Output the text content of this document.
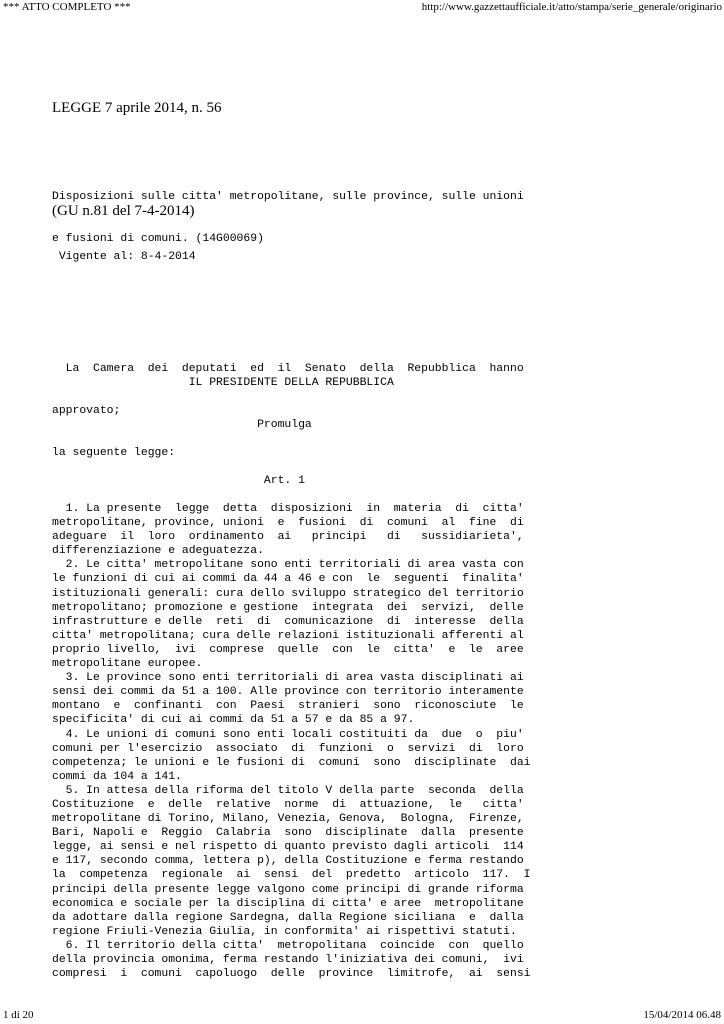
*** ATTO COMPLETO ***	http://www.gazzettaufficiale.it/atto/stampa/serie_generale/originario
LEGGE 7 aprile 2014, n. 56

Disposizioni sulle citta' metropolitane, sulle province, sulle unioni

e fusioni di comuni. (14G00069)

(GU n.81 del 7-4-2014)
Vigente al: 8-4-2014

La  Camera  dei  deputati  ed  il  Senato  della  Repubblica  hanno

approvato;

IL PRESIDENTE DELLA REPUBBLICA
Promulga
la seguente legge:
Art. 1
1. La presente  legge  detta  disposizioni  in  materia  di  citta'
metropolitane, province, unioni  e  fusioni  di  comuni  al  fine  di
adeguare  il  loro  ordinamento  ai   principi   di   sussidiarieta',
differenziazione e adeguatezza.
2. Le citta' metropolitane sono enti territoriali di area vasta con
le funzioni di cui ai commi da 44 a 46 e con  le  seguenti  finalita'
istituzionali generali: cura dello sviluppo strategico del territorio
metropolitano; promozione e gestione  integrata  dei  servizi,  delle
infrastrutture e delle  reti  di  comunicazione  di  interesse  della
citta' metropolitana; cura delle relazioni istituzionali afferenti al
proprio livello,  ivi  comprese  quelle  con  le  citta'  e  le  aree
metropolitane europee.
3. Le province sono enti territoriali di area vasta disciplinati ai
sensi dei commi da 51 a 100. Alle province con territorio interamente
montano  e  confinanti  con  Paesi  stranieri  sono  riconosciute  le
specificita' di cui ai commi da 51 a 57 e da 85 a 97.
4. Le unioni di comuni sono enti locali costituiti da  due  o  piu'
comuni per l'esercizio  associato  di  funzioni  o  servizi  di  loro
competenza; le unioni e le fusioni di  comuni  sono  disciplinate  dai
commi da 104 a 141.
5. In attesa della riforma del titolo V della parte  seconda  della
Costituzione  e  delle  relative  norme  di  attuazione,  le   citta'
metropolitane di Torino, Milano, Venezia, Genova,  Bologna,  Firenze,
Bari, Napoli e  Reggio  Calabria  sono  disciplinate  dalla  presente
legge, ai sensi e nel rispetto di quanto previsto dagli articoli  114
e 117, secondo comma, lettera p), della Costituzione e ferma restando
la  competenza  regionale  ai  sensi  del  predetto  articolo  117.  I
principi della presente legge valgono come principi di grande riforma
economica e sociale per la disciplina di citta' e aree  metropolitane
da adottare dalla regione Sardegna, dalla Regione siciliana  e  dalla
regione Friuli-Venezia Giulia, in conformita' ai rispettivi statuti.
6. Il territorio della citta'  metropolitana  coincide  con  quello
della provincia omonima, ferma restando l'iniziativa dei comuni,  ivi
compresi  i  comuni  capoluogo  delle  province  limitrofe,  ai  sensi
1 di 20	15/04/2014 06.48
